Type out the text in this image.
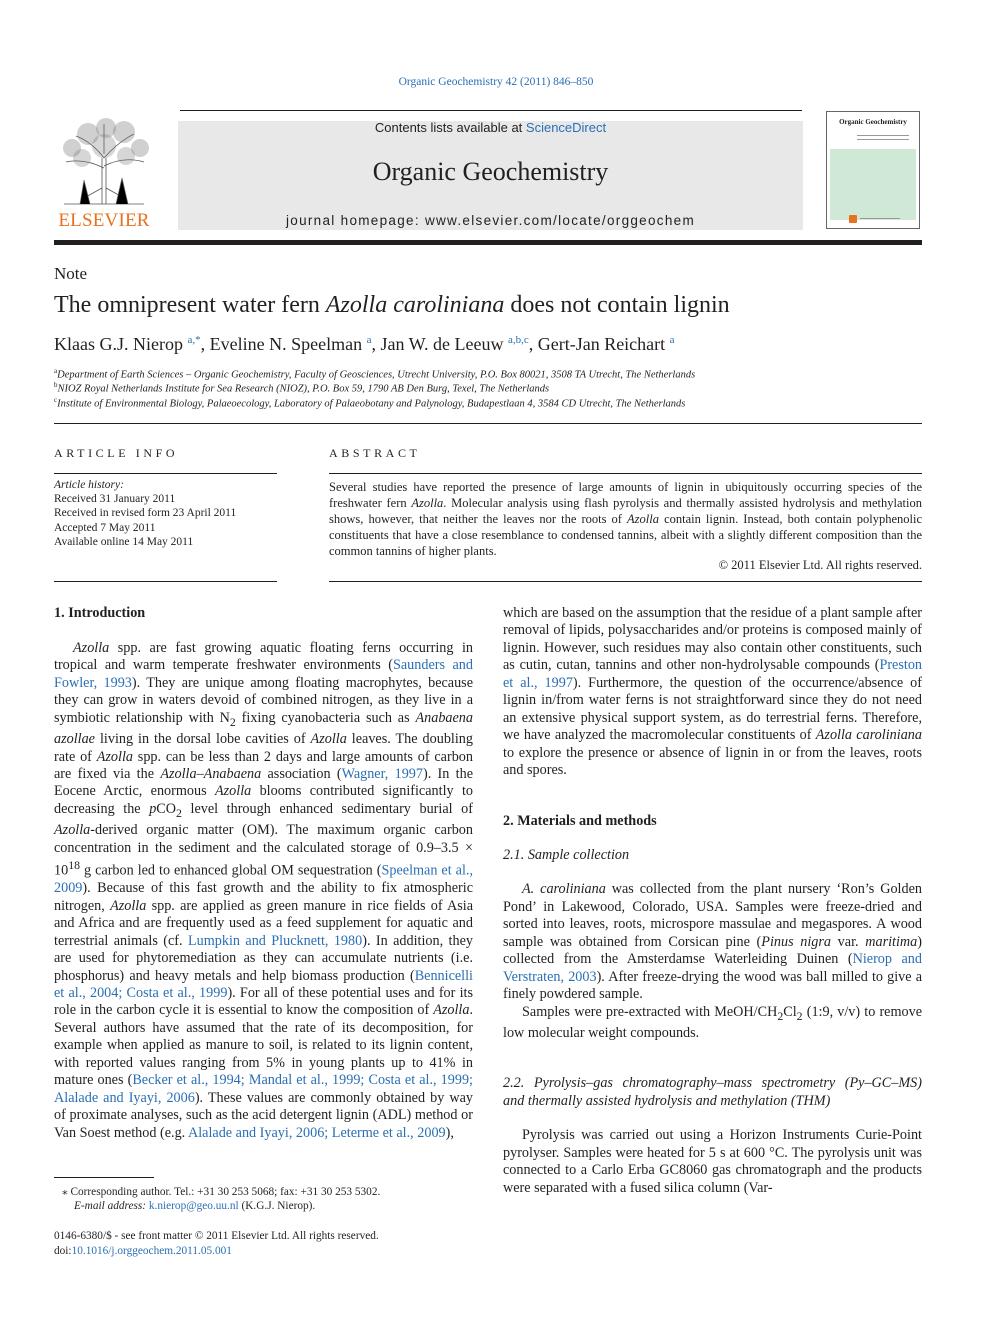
Organic Geochemistry 42 (2011) 846–850
ELSEVIER
Contents lists available at ScienceDirect
Organic Geochemistry
journal homepage: www.elsevier.com/locate/orggeochem
Organic Geochemistry
Note
The omnipresent water fern Azolla caroliniana does not contain lignin
Klaas G.J. Nierop $^{a,*}$, Eveline N. Speelman $^a$, Jan W. de Leeuw $^{a,b,c}$, Gert-Jan Reichart $^a$
$^a$Department of Earth Sciences – Organic Geochemistry, Faculty of Geosciences, Utrecht University, P.O. Box 80021, 3508 TA Utrecht, The Netherlands
$^b$NIOZ Royal Netherlands Institute for Sea Research (NIOZ), P.O. Box 59, 1790 AB Den Burg, Texel, The Netherlands
$^c$Institute of Environmental Biology, Palaeoecology, Laboratory of Palaeobotany and Palynology, Budapestlaan 4, 3584 CD Utrecht, The Netherlands
ARTICLE INFO	ABSTRACT
Article history:
Received 31 January 2011
Received in revised form 23 April 2011
Accepted 7 May 2011
Available online 14 May 2011
Several studies have reported the presence of large amounts of lignin in ubiquitously occurring species of the freshwater fern Azolla. Molecular analysis using flash pyrolysis and thermally assisted hydrolysis and methylation shows, however, that neither the leaves nor the roots of Azolla contain lignin. Instead, both contain polyphenolic constituents that have a close resemblance to condensed tannins, albeit with a slightly different composition than the common tannins of higher plants.
© 2011 Elsevier Ltd. All rights reserved.
1. Introduction

Azolla spp. are fast growing aquatic floating ferns occurring in tropical and warm temperate freshwater environments (Saunders and Fowler, 1993). They are unique among floating macrophytes, because they can grow in waters devoid of combined nitrogen, as they live in a symbiotic relationship with $N_2$ fixing cyanobacteria such as Anabaena azollae living in the dorsal lobe cavities of Azolla leaves. The doubling rate of Azolla spp. can be less than 2 days and large amounts of carbon are fixed via the Azolla–Anabaena association (Wagner, 1997). In the Eocene Arctic, enormous Azolla blooms contributed significantly to decreasing the pCO$_2$ level through enhanced sedimentary burial of Azolla-derived organic matter (OM). The maximum organic carbon concentration in the sediment and the calculated storage of $0.9-3.5 \times 10^{18}$ g carbon led to enhanced global OM sequestration (Speelman et al., 2009). Because of this fast growth and the ability to fix atmospheric nitrogen, Azolla spp. are applied as green manure in rice fields of Asia and Africa and are frequently used as a feed supplement for aquatic and terrestrial animals (cf. Lumpkin and Plucknett, 1980). In addition, they are used for phytoremediation as they can accumulate nutrients (i.e. phosphorus) and heavy metals and help biomass production (Bennicelli et al., 2004; Costa et al., 1999). For all of these potential uses and for its role in the carbon cycle it is essential to know the composition of Azolla. Several authors have assumed that the rate of its decomposition, for example when applied as manure to soil, is related to its lignin content, with reported values ranging from 5% in young plants up to 41% in mature ones (Becker et al., 1994; Mandal et al., 1999; Costa et al., 1999; Alalade and Iyayi, 2006). These values are commonly obtained by way of proximate analyses, such as the acid detergent lignin (ADL) method or Van Soest method (e.g. Alalade and Iyayi, 2006; Leterme et al., 2009),

which are based on the assumption that the residue of a plant sample after removal of lipids, polysaccharides and/or proteins is composed mainly of lignin. However, such residues may also contain other constituents, such as cutin, cutan, tannins and other non-hydrolysable compounds (Preston et al., 1997). Furthermore, the question of the occurrence/absence of lignin in/from water ferns is not straightforward since they do not need an extensive physical support system, as do terrestrial ferns. Therefore, we have analyzed the macromolecular constituents of Azolla caroliniana to explore the presence or absence of lignin in or from the leaves, roots and spores.

2. Materials and methods
2.1. Sample collection

A. caroliniana was collected from the plant nursery ‘Ron’s Golden Pond’ in Lakewood, Colorado, USA. Samples were freeze-dried and sorted into leaves, roots, microspore massulae and megaspores. A wood sample was obtained from Corsican pine (Pinus nigra var. maritima) collected from the Amsterdamse Waterleiding Duinen (Nierop and Verstraten, 2003). After freeze-drying the wood was ball milled to give a finely powdered sample.

Samples were pre-extracted with MeOH/$CH_2Cl_2$ (1:9, v/v) to remove low molecular weight compounds.

2.2. Pyrolysis–gas chromatography–mass spectrometry (Py–GC–MS) and thermally assisted hydrolysis and methylation (THM)

Pyrolysis was carried out using a Horizon Instruments Curie-Point pyrolyser. Samples were heated for 5 s at 600 °C. The pyrolysis unit was connected to a Carlo Erba GC8060 gas chromatograph and the products were separated with a fused silica column (Var-

⁎ Corresponding author. Tel.: +31 30 253 5068; fax: +31 30 253 5302.
E-mail address: k.nierop@geo.uu.nl (K.G.J. Nierop).
0146-6380/$ - see front matter © 2011 Elsevier Ltd. All rights reserved.
doi:10.1016/j.orggeochem.2011.05.001
